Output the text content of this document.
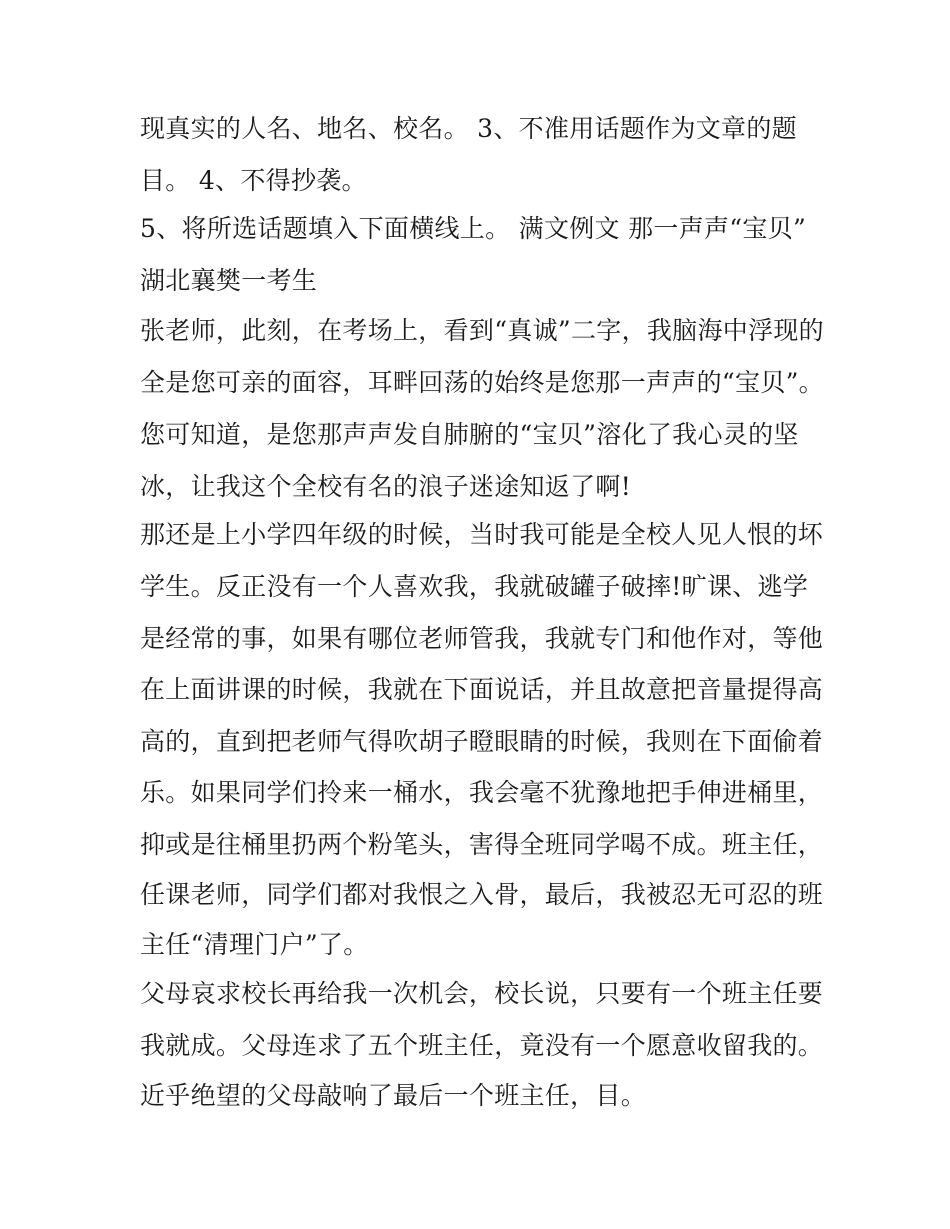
现真实的人名、地名、校名。 3、不准用话题作为文章的题
目。 4、不得抄袭。
5、将所选话题填入下面横线上。 满文例文 那一声声“宝贝”
湖北襄樊一考生
张老师，此刻，在考场上，看到“真诚”二字，我脑海中浮现的
全是您可亲的面容，耳畔回荡的始终是您那一声声的“宝贝”。
您可知道，是您那声声发自肺腑的“宝贝”溶化了我心灵的坚
冰，让我这个全校有名的浪子迷途知返了啊!
那还是上小学四年级的时候，当时我可能是全校人见人恨的坏
学生。反正没有一个人喜欢我，我就破罐子破摔!旷课、逃学
是经常的事，如果有哪位老师管我，我就专门和他作对，等他
在上面讲课的时候，我就在下面说话，并且故意把音量提得高
高的，直到把老师气得吹胡子瞪眼睛的时候，我则在下面偷着
乐。如果同学们拎来一桶水，我会毫不犹豫地把手伸进桶里，
抑或是往桶里扔两个粉笔头，害得全班同学喝不成。班主任，
任课老师，同学们都对我恨之入骨，最后，我被忍无可忍的班
主任“清理门户”了。
父母哀求校长再给我一次机会，校长说，只要有一个班主任要
我就成。父母连求了五个班主任，竟没有一个愿意收留我的。
近乎绝望的父母敲响了最后一个班主任，目。
